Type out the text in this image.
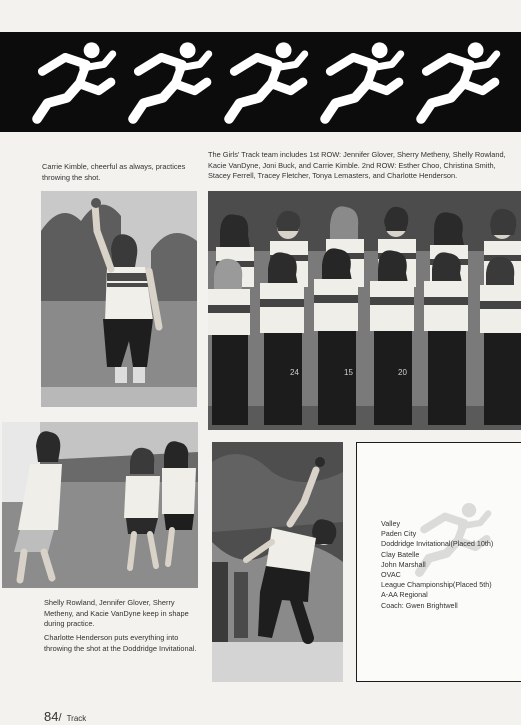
The Girls' Track team includes 1st ROW: Jennifer Glover, Sherry Metheny, Shelly Rowland,
Kacie VanDyne, Joni Buck, and Carrie Kimble. 2nd ROW: Esther Choo, Christina Smith,
Stacey Ferrell, Tracey Fletcher, Tonya Lemasters, and Charlotte Henderson.
Carrie Kimble, cheerful as always, practices throwing the shot.
24	15	20
Shelly Rowland, Jennifer Glover, Sherry Metheny, and Kacie VanDyne keep in shape during practice.
Charlotte Henderson puts everything into throwing the shot at the Doddridge Invitational.
Valley
Paden City
Doddridge Invitational(Placed 10th)
Clay Batelle
John Marshall
OVAC
League Championship(Placed 5th)
A-AA Regional
Coach: Gwen Brightwell
84/ Track
